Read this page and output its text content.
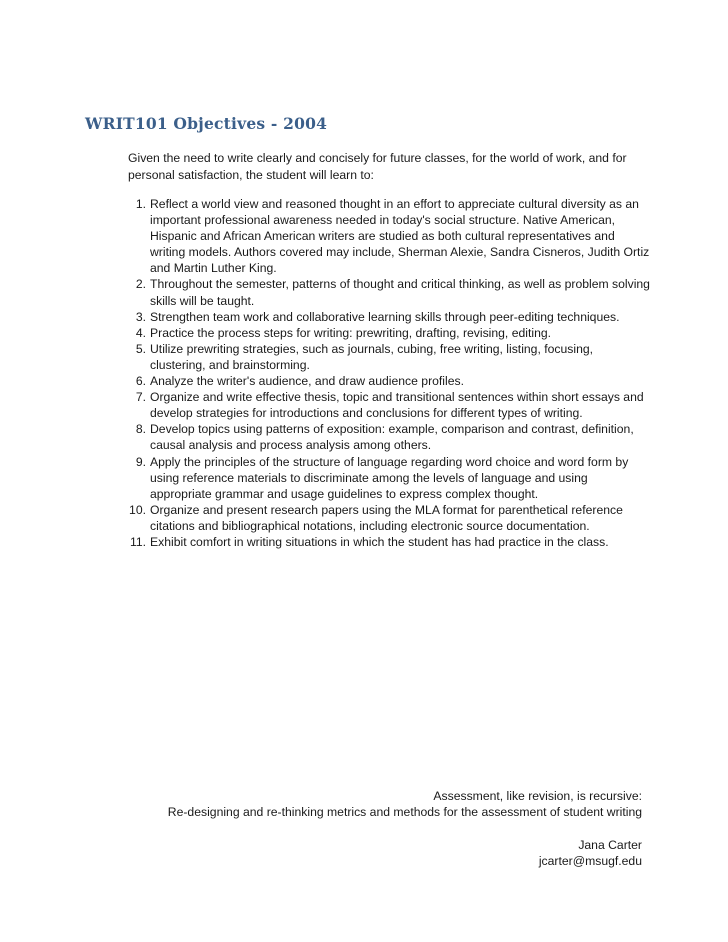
WRIT101 Objectives - 2004

Given the need to write clearly and concisely for future classes, for the world of work, and for personal satisfaction, the student will learn to:

1. Reflect a world view and reasoned thought in an effort to appreciate cultural diversity as an important professional awareness needed in today's social structure. Native American, Hispanic and African American writers are studied as both cultural representatives and writing models. Authors covered may include, Sherman Alexie, Sandra Cisneros, Judith Ortiz and Martin Luther King.
2. Throughout the semester, patterns of thought and critical thinking, as well as problem solving skills will be taught.
3. Strengthen team work and collaborative learning skills through peer-editing techniques.
4. Practice the process steps for writing: prewriting, drafting, revising, editing.
5. Utilize prewriting strategies, such as journals, cubing, free writing, listing, focusing, clustering, and brainstorming.
6. Analyze the writer's audience, and draw audience profiles.
7. Organize and write effective thesis, topic and transitional sentences within short essays and develop strategies for introductions and conclusions for different types of writing.
8. Develop topics using patterns of exposition: example, comparison and contrast, definition, causal analysis and process analysis among others.
9. Apply the principles of the structure of language regarding word choice and word form by using reference materials to discriminate among the levels of language and using appropriate grammar and usage guidelines to express complex thought.
10. Organize and present research papers using the MLA format for parenthetical reference citations and bibliographical notations, including electronic source documentation.
11. Exhibit comfort in writing situations in which the student has had practice in the class.

Assessment, like revision, is recursive:

Re-designing and re-thinking metrics and methods for the assessment of student writing

Jana Carter

jcarter@msugf.edu
